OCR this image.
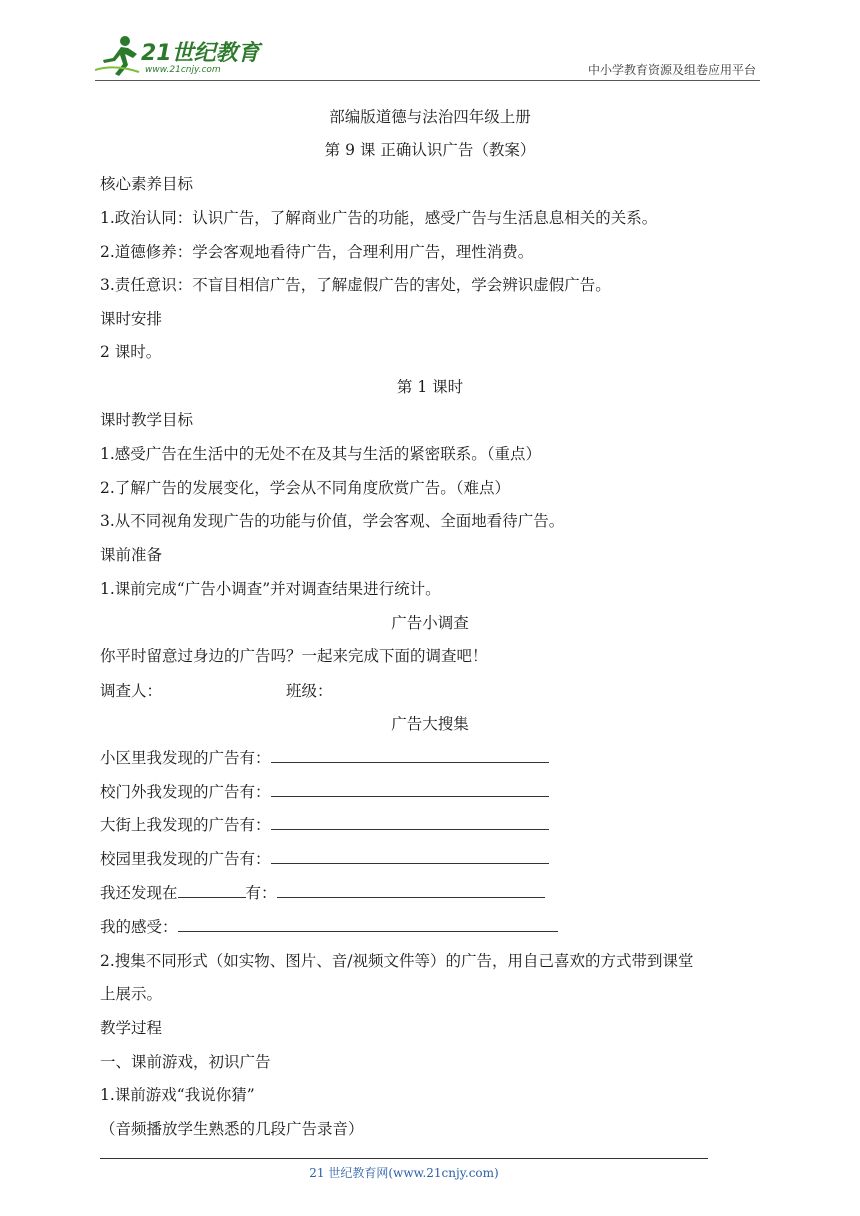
21世纪教育
www.21cnjy.com	中小学教育资源及组卷应用平台
部编版道德与法治四年级上册
第 9 课 正确认识广告（教案）
核心素养目标
1.政治认同：认识广告，了解商业广告的功能，感受广告与生活息息相关的关系。
2.道德修养：学会客观地看待广告，合理利用广告，理性消费。
3.责任意识：不盲目相信广告，了解虚假广告的害处，学会辨识虚假广告。
课时安排
2 课时。
第 1 课时
课时教学目标
1.感受广告在生活中的无处不在及其与生活的紧密联系。（重点）
2.了解广告的发展变化，学会从不同角度欣赏广告。（难点）
3.从不同视角发现广告的功能与价值，学会客观、全面地看待广告。
课前准备
1.课前完成“广告小调查”并对调查结果进行统计。
广告小调查
你平时留意过身边的广告吗？一起来完成下面的调查吧！
调查人：	班级：
广告大搜集
小区里我发现的广告有：
校门外我发现的广告有：
大街上我发现的广告有：
校园里我发现的广告有：
我还发现在	有：
我的感受：
2.搜集不同形式（如实物、图片、音/视频文件等）的广告，用自己喜欢的方式带到课堂
上展示。
教学过程
一、课前游戏，初识广告
1.课前游戏“我说你猜”
（音频播放学生熟悉的几段广告录音）
21 世纪教育网(www.21cnjy.com)
